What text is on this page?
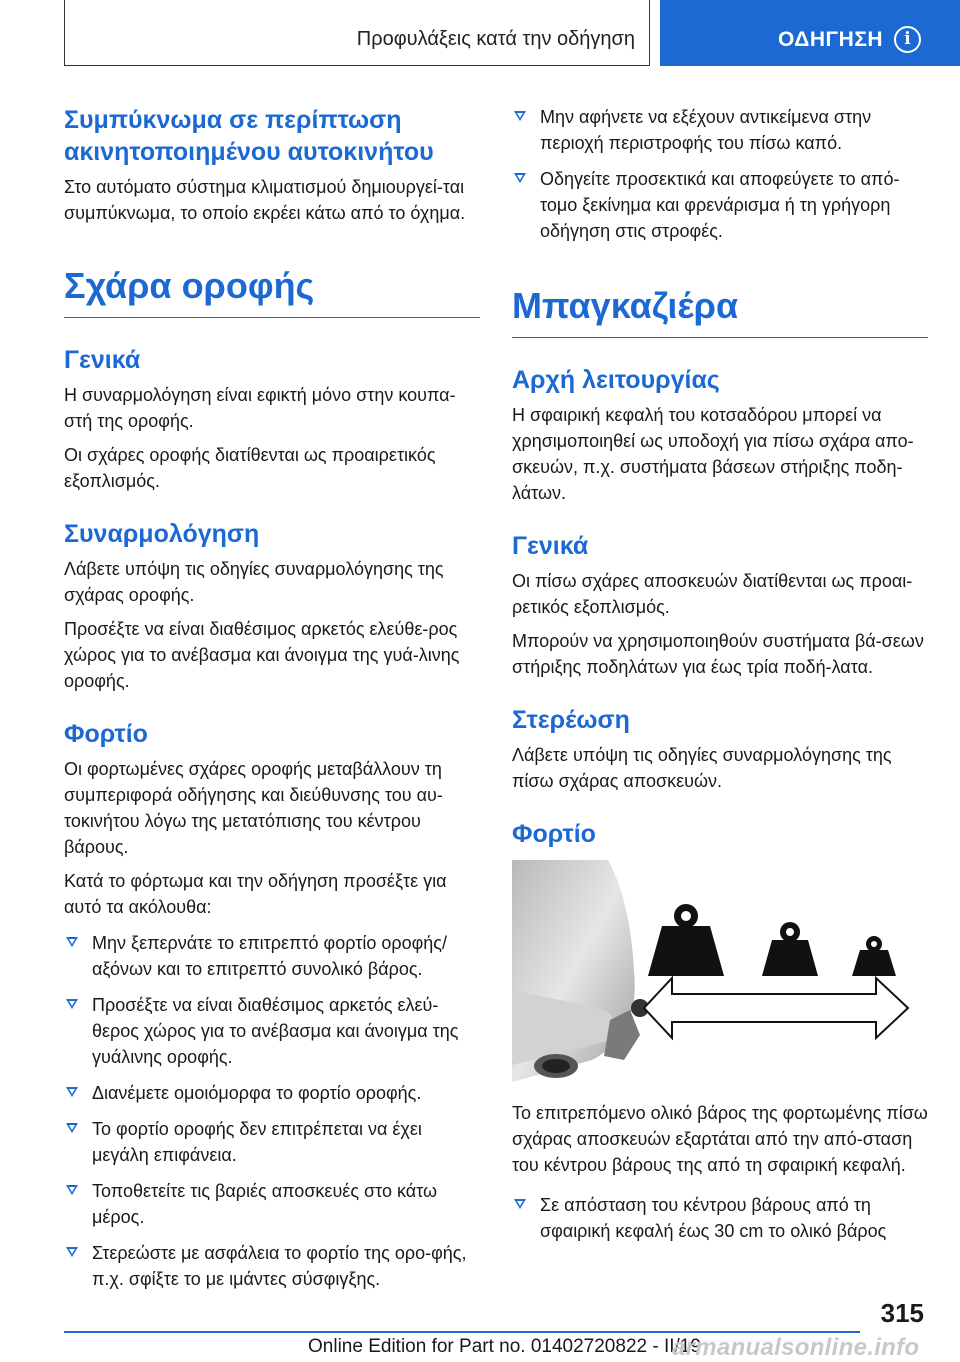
Προφυλάξεις κατά την οδήγηση	ΟΔΗΓΗΣΗ	i
Συμπύκνωμα σε περίπτωση ακινητοποιημένου αυτοκινήτου

Στο αυτόματο σύστημα κλιματισμού δημιουργεί-ται συμπύκνωμα, το οποίο εκρέει κάτω από το όχημα.

Σχάρα οροφής
Γενικά

Η συναρμολόγηση είναι εφικτή μόνο στην κουπα-στή της οροφής.

Οι σχάρες οροφής διατίθενται ως προαιρετικός εξοπλισμός.

Συναρμολόγηση

Λάβετε υπόψη τις οδηγίες συναρμολόγησης της σχάρας οροφής.

Προσέξτε να είναι διαθέσιμος αρκετός ελεύθε-ρος χώρος για το ανέβασμα και άνοιγμα της γυά-λινης οροφής.

Φορτίο

Οι φορτωμένες σχάρες οροφής μεταβάλλουν τη συμπεριφορά οδήγησης και διεύθυνσης του αυ-τοκινήτου λόγω της μετατόπισης του κέντρου βάρους.

Κατά το φόρτωμα και την οδήγηση προσέξτε για αυτό τα ακόλουθα:

Μην ξεπερνάτε το επιτρεπτό φορτίο οροφής/ αξόνων και το επιτρεπτό συνολικό βάρος.
Προσέξτε να είναι διαθέσιμος αρκετός ελεύ-θερος χώρος για το ανέβασμα και άνοιγμα της γυάλινης οροφής.
Διανέμετε ομοιόμορφα το φορτίο οροφής.
Το φορτίο οροφής δεν επιτρέπεται να έχει μεγάλη επιφάνεια.
Τοποθετείτε τις βαριές αποσκευές στο κάτω μέρος.
Στερεώστε με ασφάλεια το φορτίο της ορο-φής, π.χ. σφίξτε το με ιμάντες σύσφιγξης.
Μην αφήνετε να εξέχουν αντικείμενα στην περιοχή περιστροφής του πίσω καπό.
Οδηγείτε προσεκτικά και αποφεύγετε το από-τομο ξεκίνημα και φρενάρισμα ή τη γρήγορη οδήγηση στις στροφές.
Μπαγκαζιέρα
Αρχή λειτουργίας

Η σφαιρική κεφαλή του κοτσαδόρου μπορεί να χρησιμοποιηθεί ως υποδοχή για πίσω σχάρα απο-σκευών, π.χ. συστήματα βάσεων στήριξης ποδη-λάτων.

Γενικά

Οι πίσω σχάρες αποσκευών διατίθενται ως προαι-ρετικός εξοπλισμός.

Μπορούν να χρησιμοποιηθούν συστήματα βά-σεων στήριξης ποδηλάτων για έως τρία ποδή-λατα.

Στερέωση

Λάβετε υπόψη τις οδηγίες συναρμολόγησης της πίσω σχάρας αποσκευών.

Φορτίο

Το επιτρεπόμενο ολικό βάρος της φορτωμένης πίσω σχάρας αποσκευών εξαρτάται από την από-σταση του κέντρου βάρους της από τη σφαιρική κεφαλή.

Σε απόσταση του κέντρου βάρους από τη σφαιρική κεφαλή έως 30 cm το ολικό βάρος
315
Online Edition for Part no. 01402720822 - II/19
armanualsonline.info
